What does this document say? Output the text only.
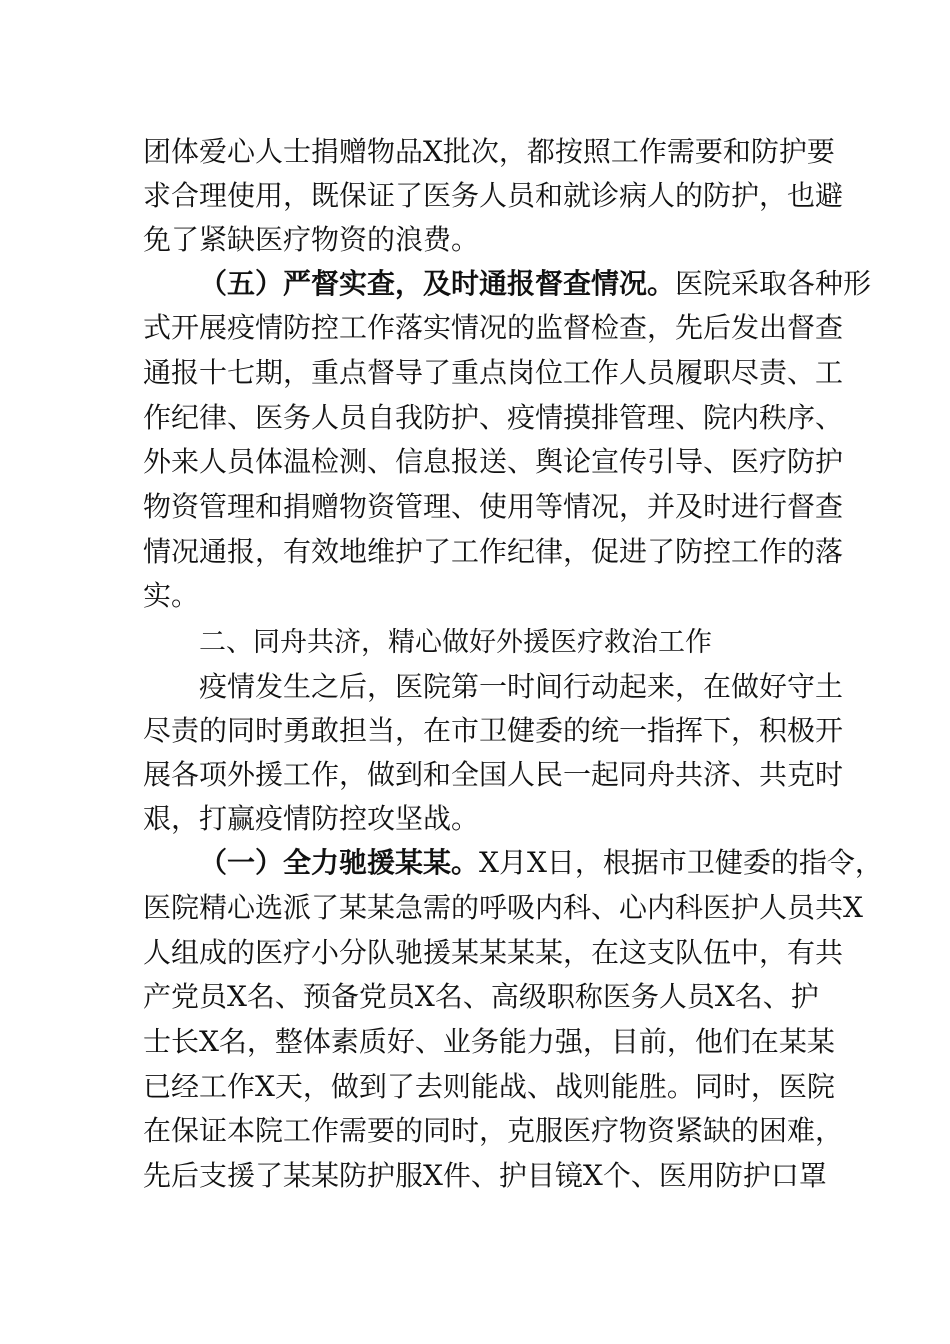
团体爱心人士捐赠物品X批次，都按照工作需要和防护要
求合理使用，既保证了医务人员和就诊病人的防护，也避
免了紧缺医疗物资的浪费。
（五）严督实查，及时通报督查情况。医院采取各种形
式开展疫情防控工作落实情况的监督检查，先后发出督查
通报十七期，重点督导了重点岗位工作人员履职尽责、工
作纪律、医务人员自我防护、疫情摸排管理、院内秩序、
外来人员体温检测、信息报送、舆论宣传引导、医疗防护
物资管理和捐赠物资管理、使用等情况，并及时进行督查
情况通报，有效地维护了工作纪律，促进了防控工作的落
实。
二、同舟共济，精心做好外援医疗救治工作
疫情发生之后，医院第一时间行动起来，在做好守土
尽责的同时勇敢担当，在市卫健委的统一指挥下，积极开
展各项外援工作，做到和全国人民一起同舟共济、共克时
艰，打赢疫情防控攻坚战。
（一）全力驰援某某。X月X日，根据市卫健委的指令，
医院精心选派了某某急需的呼吸内科、心内科医护人员共X
人组成的医疗小分队驰援某某某某，在这支队伍中，有共
产党员X名、预备党员X名、高级职称医务人员X名、护
士长X名，整体素质好、业务能力强，目前，他们在某某
已经工作X天，做到了去则能战、战则能胜。同时，医院
在保证本院工作需要的同时，克服医疗物资紧缺的困难，
先后支援了某某防护服X件、护目镜X个、医用防护口罩
